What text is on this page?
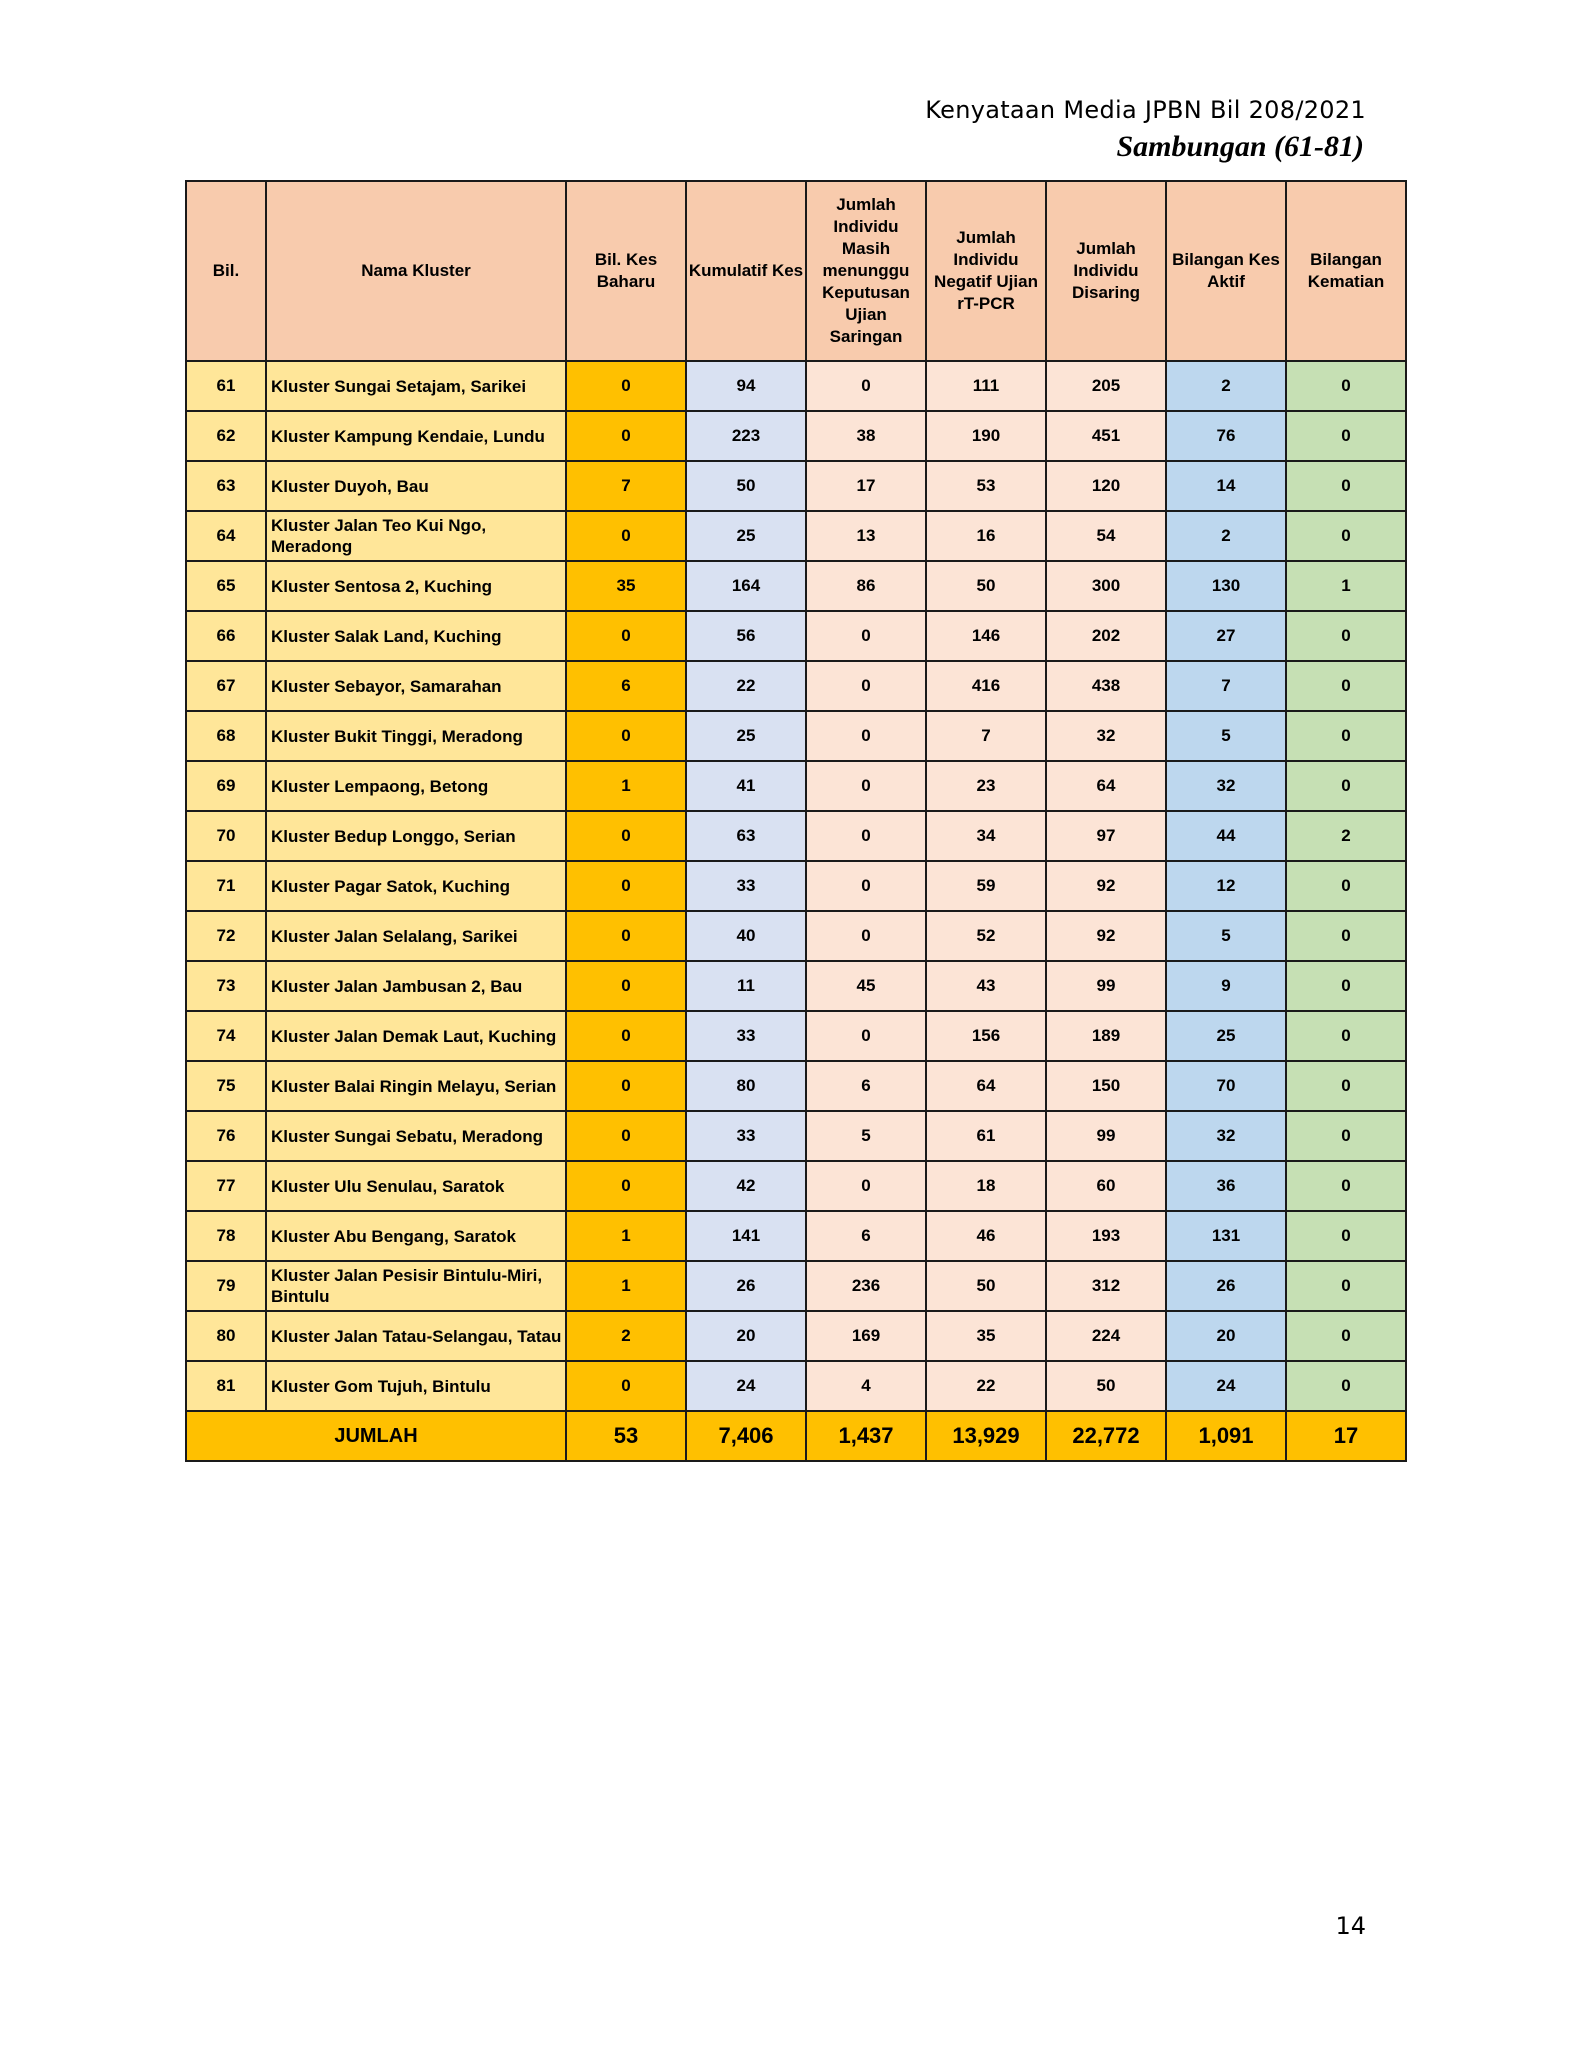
Kenyataan Media JPBN Bil 208/2021
Sambungan (61-81)
Bil.	Nama Kluster	Bil. Kes Baharu	Kumulatif Kes	Jumlah Individu Masih menunggu Keputusan Ujian Saringan	Jumlah Individu Negatif Ujian rT-PCR	Jumlah Individu Disaring	Bilangan Kes Aktif	Bilangan Kematian
61	Kluster Sungai Setajam, Sarikei	0	94	0	111	205	2	0
62	Kluster Kampung Kendaie, Lundu	0	223	38	190	451	76	0
63	Kluster Duyoh, Bau	7	50	17	53	120	14	0
64	Kluster Jalan Teo Kui Ngo, Meradong	0	25	13	16	54	2	0
65	Kluster Sentosa 2, Kuching	35	164	86	50	300	130	1
66	Kluster Salak Land, Kuching	0	56	0	146	202	27	0
67	Kluster Sebayor, Samarahan	6	22	0	416	438	7	0
68	Kluster Bukit Tinggi, Meradong	0	25	0	7	32	5	0
69	Kluster Lempaong, Betong	1	41	0	23	64	32	0
70	Kluster Bedup Longgo, Serian	0	63	0	34	97	44	2
71	Kluster Pagar Satok, Kuching	0	33	0	59	92	12	0
72	Kluster Jalan Selalang, Sarikei	0	40	0	52	92	5	0
73	Kluster Jalan Jambusan 2, Bau	0	11	45	43	99	9	0
74	Kluster Jalan Demak Laut, Kuching	0	33	0	156	189	25	0
75	Kluster Balai Ringin Melayu, Serian	0	80	6	64	150	70	0
76	Kluster Sungai Sebatu, Meradong	0	33	5	61	99	32	0
77	Kluster Ulu Senulau, Saratok	0	42	0	18	60	36	0
78	Kluster Abu Bengang, Saratok	1	141	6	46	193	131	0
79	Kluster Jalan Pesisir Bintulu-Miri, Bintulu	1	26	236	50	312	26	0
80	Kluster Jalan Tatau-Selangau, Tatau	2	20	169	35	224	20	0
81	Kluster Gom Tujuh, Bintulu	0	24	4	22	50	24	0
JUMLAH		53	7,406	1,437	13,929	22,772	1,091	17
14
